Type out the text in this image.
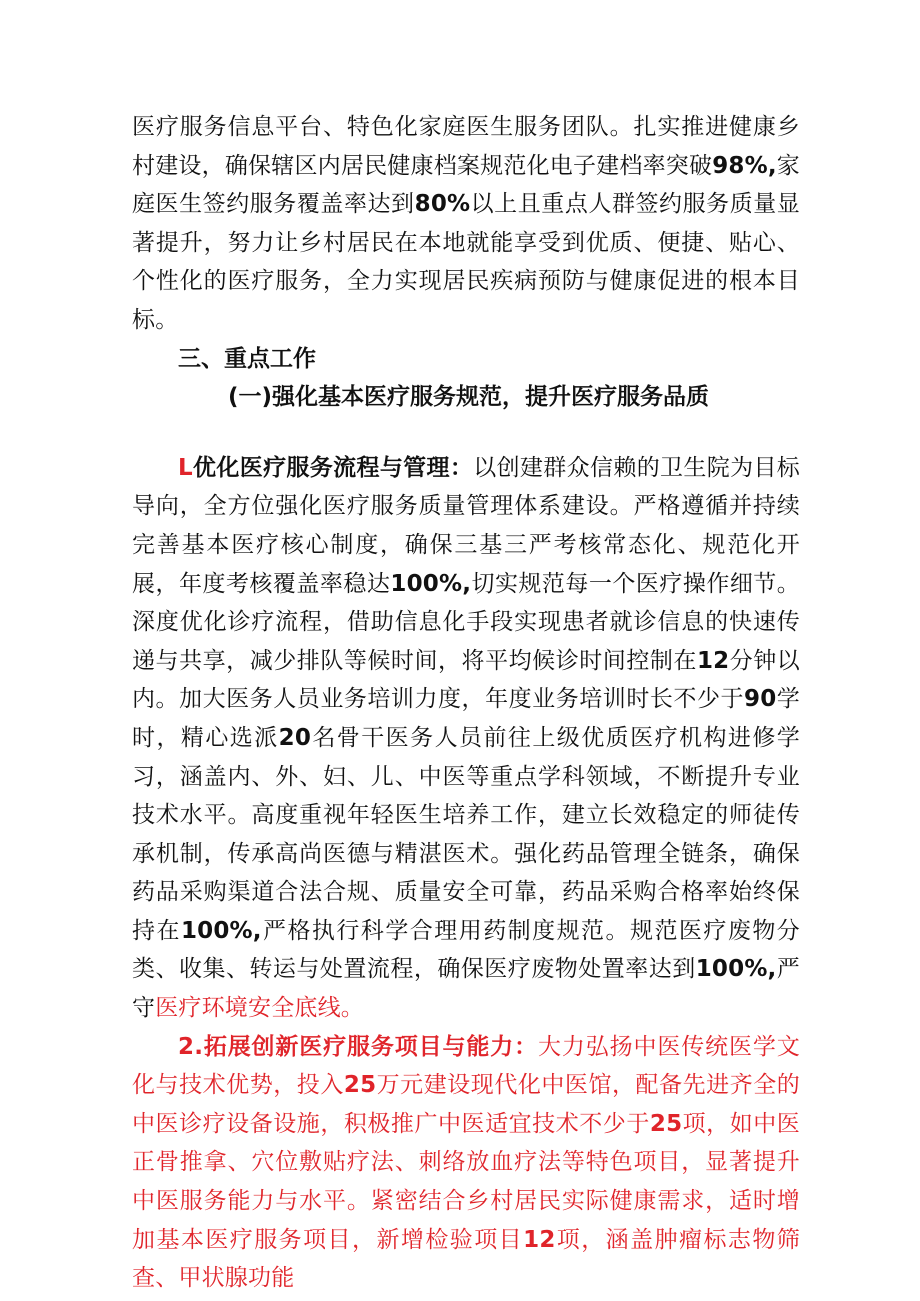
医疗服务信息平台、特色化家庭医生服务团队。扎实推进健康乡村建设，确保辖区内居民健康档案规范化电子建档率突破98%,家庭医生签约服务覆盖率达到80%以上且重点人群签约服务质量显著提升，努力让乡村居民在本地就能享受到优质、便捷、贴心、个性化的医疗服务，全力实现居民疾病预防与健康促进的根本目标。

三、重点工作

(一)强化基本医疗服务规范，提升医疗服务品质

L优化医疗服务流程与管理：以创建群众信赖的卫生院为目标导向，全方位强化医疗服务质量管理体系建设。严格遵循并持续完善基本医疗核心制度，确保三基三严考核常态化、规范化开展，年度考核覆盖率稳达100%,切实规范每一个医疗操作细节。深度优化诊疗流程，借助信息化手段实现患者就诊信息的快速传递与共享，减少排队等候时间，将平均候诊时间控制在12分钟以内。加大医务人员业务培训力度，年度业务培训时长不少于90学时，精心选派20名骨干医务人员前往上级优质医疗机构进修学习，涵盖内、外、妇、儿、中医等重点学科领域，不断提升专业技术水平。高度重视年轻医生培养工作，建立长效稳定的师徒传承机制，传承高尚医德与精湛医术。强化药品管理全链条，确保药品采购渠道合法合规、质量安全可靠，药品采购合格率始终保持在100%,严格执行科学合理用药制度规范。规范医疗废物分类、收集、转运与处置流程，确保医疗废物处置率达到100%,严守医疗环境安全底线。

2.拓展创新医疗服务项目与能力：大力弘扬中医传统医学文化与技术优势，投入25万元建设现代化中医馆，配备先进齐全的中医诊疗设备设施，积极推广中医适宜技术不少于25项，如中医正骨推拿、穴位敷贴疗法、刺络放血疗法等特色项目，显著提升中医服务能力与水平。紧密结合乡村居民实际健康需求，适时增加基本医疗服务项目，新增检验项目12项，涵盖肿瘤标志物筛查、甲状腺功能
